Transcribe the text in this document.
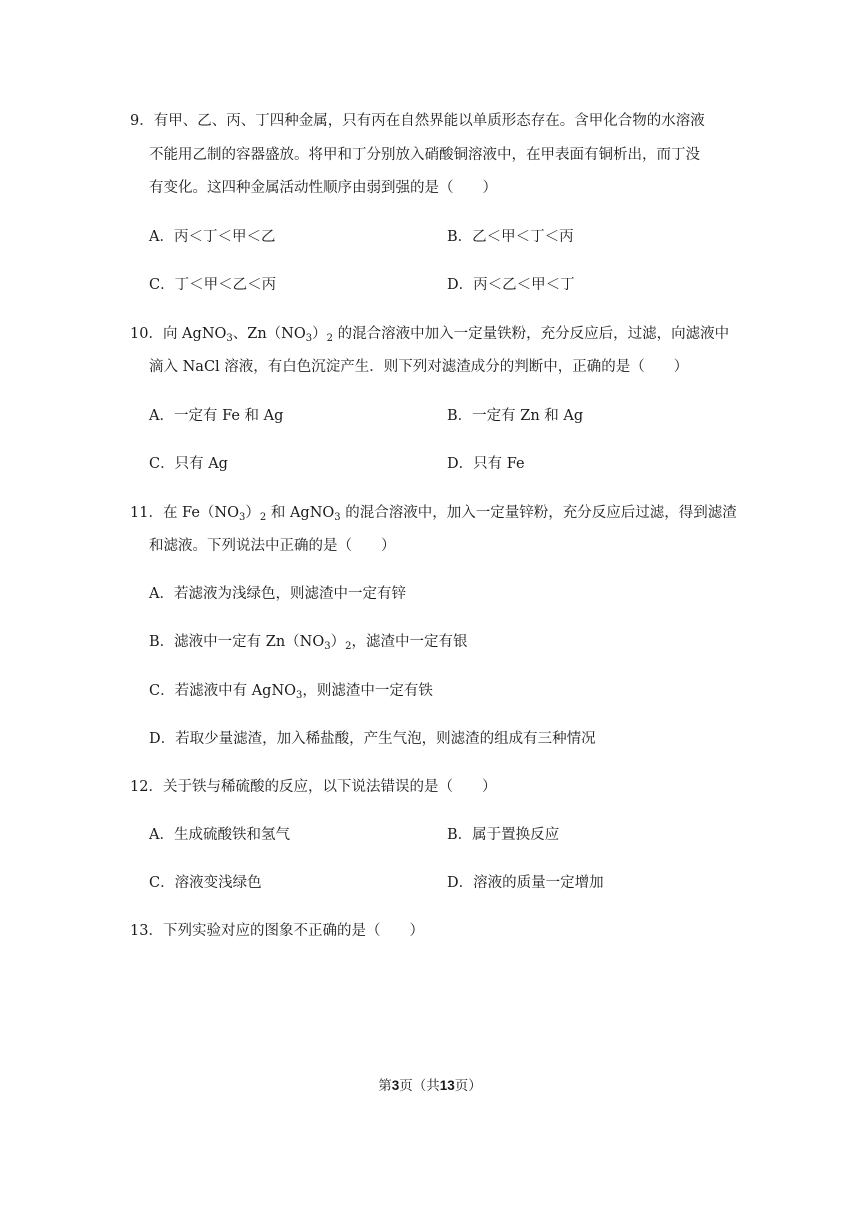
9．有甲、乙、丙、丁四种金属，只有丙在自然界能以单质形态存在。含甲化合物的水溶液
不能用乙制的容器盛放。将甲和丁分别放入硝酸铜溶液中，在甲表面有铜析出，而丁没
有变化。这四种金属活动性顺序由弱到强的是（　　）
A．丙＜丁＜甲＜乙	B．乙＜甲＜丁＜丙
C．丁＜甲＜乙＜丙	D．丙＜乙＜甲＜丁
10．向 AgNO$_3$、$Zn(NO_3)_2$ 的混合溶液中加入一定量铁粉，充分反应后，过滤，向滤液中
滴入 NaCl 溶液，有白色沉淀产生．则下列对滤渣成分的判断中，正确的是（　　）
A．一定有 Fe 和 Ag	B．一定有 Zn 和 Ag
C．只有 Ag	D．只有 Fe
11．在 $Fe(NO_3)_2$ 和 AgNO$_3$ 的混合溶液中，加入一定量锌粉，充分反应后过滤，得到滤渣
和滤液。下列说法中正确的是（　　）
A．若滤液为浅绿色，则滤渣中一定有锌
B．滤液中一定有 $Zn(NO_3)_2$，滤渣中一定有银
C．若滤液中有 AgNO$_3$，则滤渣中一定有铁
D．若取少量滤渣，加入稀盐酸，产生气泡，则滤渣的组成有三种情况
12．关于铁与稀硫酸的反应，以下说法错误的是（　　）
A．生成硫酸铁和氢气	B．属于置换反应
C．溶液变浅绿色	D．溶液的质量一定增加
13．下列实验对应的图象不正确的是（　　）
第3页（共13页）
